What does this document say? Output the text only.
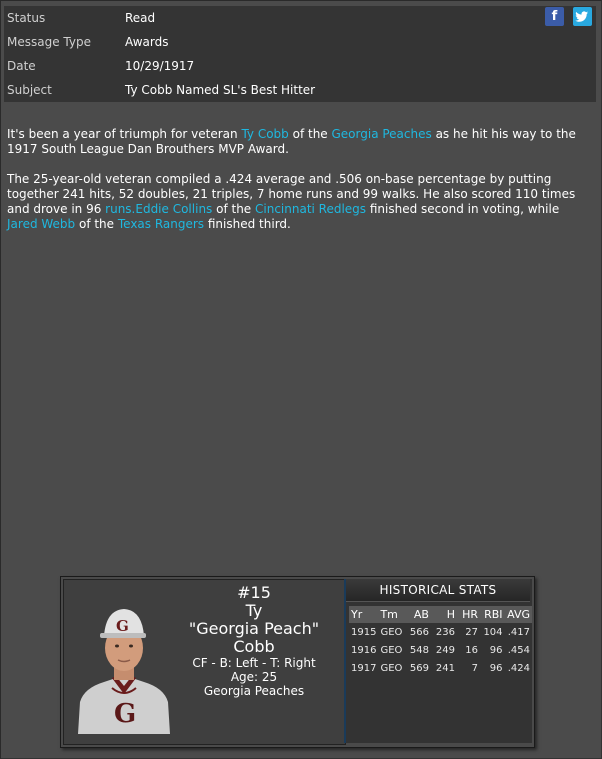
Status	Read	f
Message Type	Awards
Date	10/29/1917
Subject	Ty Cobb Named SL's Best Hitter

It's been a year of triumph for veteran Ty Cobb of the Georgia Peaches as he hit his way to the 1917 South League Dan Brouthers MVP Award.

The 25-year-old veteran compiled a .424 average and .506 on-base percentage by putting together 241 hits, 52 doubles, 21 triples, 7 home runs and 99 walks. He also scored 110 times and drove in 96 runs.Eddie Collins of the Cincinnati Redlegs finished second in voting, while Jared Webb of the Texas Rangers finished third.

G
G
#15
Ty
"Georgia Peach"
Cobb
CF - B: Left - T: Right
Age: 25
Georgia Peaches
HISTORICAL STATS
Yr	Tm	AB	H	HR	RBI	AVG
1915	GEO	566	236	27	104	.417
1916	GEO	548	249	16	96	.454
1917	GEO	569	241	7	96	.424
